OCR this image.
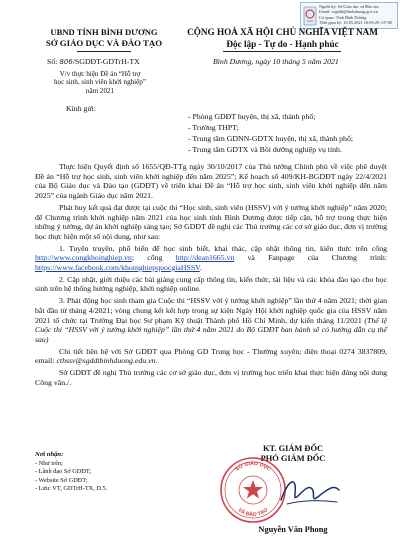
Người ký: Sở Giáo dục và Đào tạo
Email: sogddt@binhduong.gov.vn
Cơ quan: Tỉnh Bình Dương
Thời gian ký: 10.05.2021 16:09:29 +07:00
UBND TỈNH BÌNH DƯƠNG
SỞ GIÁO DỤC VÀ ĐÀO TẠO
CỘNG HOÀ XÃ HỘI CHỦ NGHĨA VIỆT NAM
Độc lập - Tự do - Hạnh phúc
Số: 806/SGDĐT-GDTrH-TX	Bình Dương, ngày 10 tháng 5 năm 2021
V/v thực hiện Đề án “Hỗ trợ
học sinh, sinh viên khởi nghiệp”
năm 2021
Kính gửi:
- Phòng GDĐT huyện, thị xã, thành phố;
- Trường THPT;
- Trung tâm GDNN-GDTX huyện, thị xã, thành phố;
- Trung tâm GDTX và Bồi dưỡng nghiệp vụ tỉnh.

Thực hiện Quyết định số 1655/QĐ-TTg ngày 30/10/2017 của Thủ tướng Chính phủ về việc phê duyệt Đề án “Hỗ trợ học sinh, sinh viên khởi nghiệp đến năm 2025”; Kế hoạch số 409/KH-BGDĐT ngày 22/4/2021 của Bộ Giáo dục và Đào tạo (GDĐT) về triển khai Đề án “Hỗ trợ học sinh, sinh viên khởi nghiệp đến năm 2025” của ngành Giáo dục năm 2021.

Phát huy kết quả đạt được tại cuộc thi “Học sinh, sinh viên (HSSV) với ý tưởng khởi nghiệp” năm 2020; để Chương trình khởi nghiệp năm 2021 của học sinh tỉnh Bình Dương được tiếp cận, hỗ trợ trong thực hiện những ý tưởng, dự án khởi nghiệp sáng tạo; Sở GDĐT đề nghị các Thủ trưởng các cơ sở giáo dục, đơn vị trường học thực hiện một số nội dung, như sau:

1. Tuyên truyền, phổ biến để học sinh biết, khai thác, cập nhật thông tin, kiến thức trên cổng http://www.congkhoinghiep.vn; cổng http://dean1665.vn và Fanpage của Chương trình: https://www.facebook.com/khoinghiepquocgiaHSSV.

2. Cập nhật, giới thiệu các bài giảng cung cấp thông tin, kiến thức, tài liệu và các khóa đào tạo cho học sinh trên hệ thống hướng nghiệp, khởi nghiệp online.

3. Phát động học sinh tham gia Cuộc thi “HSSV với ý tưởng khởi nghiệp” lần thứ 4 năm 2021; thời gian bắt đầu từ tháng 4/2021; vòng chung kết kết hợp trong sự kiện Ngày Hội khởi nghiệp quốc gia của HSSV năm 2021 tổ chức tại Trường Đại học Sư phạm Kỹ thuật Thành phố Hồ Chí Minh, dự kiến tháng 11/2021 (Thể lệ Cuộc thi “HSSV với ý tưởng khởi nghiệp” lần thứ 4 năm 2021 do Bộ GDĐT ban hành sẽ có hướng dẫn cụ thể sau)

Chi tiết liên hệ với Sở GDĐT qua Phòng GD Trung học - Thường xuyên; điện thoại 0274 3837809, email: cthssv@sgddtbinhduong.edu.vn.

Sở GDĐT đề nghị Thủ trưởng các cơ sở giáo dục, đơn vị trường học triển khai thực hiện đúng nội dung Công văn./.

Nơi nhận:
- Như trên;
- Lãnh đạo Sở GDĐT;
- Website Sở GDĐT;
- Lưu: VT, GDTrH-TX, D.5.
KT. GIÁM ĐỐC
PHÓ GIÁM ĐỐC
SỞ GIÁO DỤC
VÀ ĐÀO TẠO
Nguyễn Văn Phong
